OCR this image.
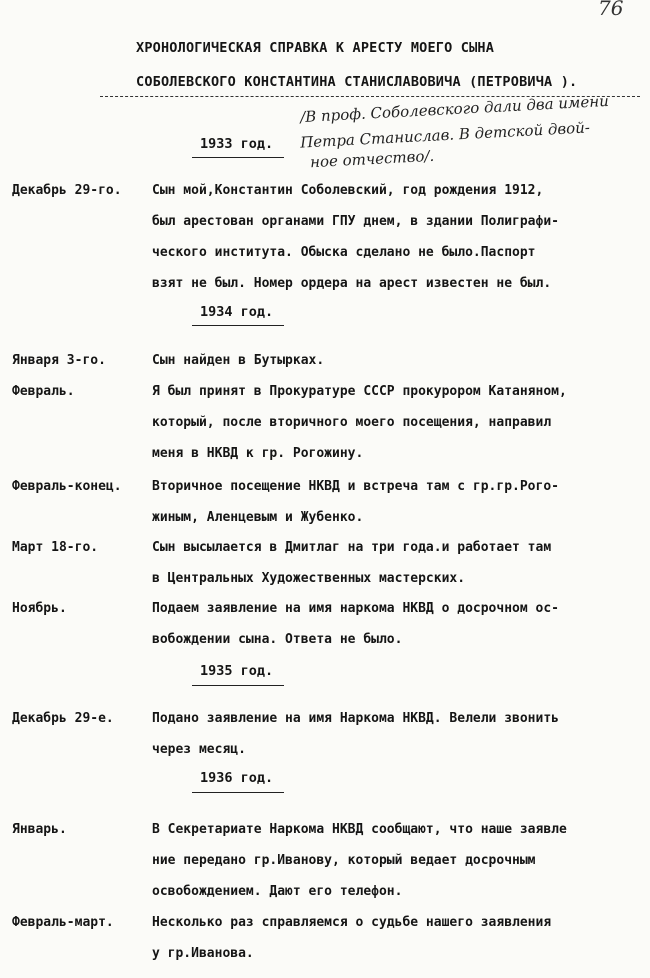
76
ХРОНОЛОГИЧЕСКАЯ СПРАВКА К АРЕСТУ МОЕГО СЫНА
СОБОЛЕВСКОГО КОНСТАНТИНА СТАНИСЛАВОВИЧА (ПЕТРОВИЧА ).
/В проф. Соболевского дали два имени
Петра Станислав. В детской двой-
ное отчество/.
1933 год.
Декабрь 29-го. Сын мой,Константин Соболевский, год рождения 1912,
был арестован органами ГПУ днем, в здании Полиграфи-
ческого института. Обыска сделано не было.Паспорт
взят не был. Номер ордера на арест известен не был.
1934 год.
Января 3-го.	Сын найден в Бутырках.
Февраль.	Я был принят в Прокуратуре СССР прокурором Катаняном,
который, после вторичного моего посещения, направил
меня в НКВД к гр. Рогожину.
Февраль-конец. Вторичное посещение НКВД и встреча там с гр.гр.Рого-
жиным, Аленцевым и Жубенко.
Март 18-го.	Сын высылается в Дмитлаг на три года.и работает там
в Центральных Художественных мастерских.
Ноябрь.	Подаем заявление на имя наркома НКВД о досрочном ос-
вобождении сына. Ответа не было.
1935 год.
Декабрь 29-е.	Подано заявление на имя Наркома НКВД. Велели звонить
через месяц.
1936 год.
Январь.	В Секретариате Наркома НКВД сообщают, что наше заявле
ние передано гр.Иванову, который ведает досрочным
освобождением. Дают его телефон.
Февраль-март.	Несколько раз справляемся о судьбе нашего заявления
у гр.Иванова.
